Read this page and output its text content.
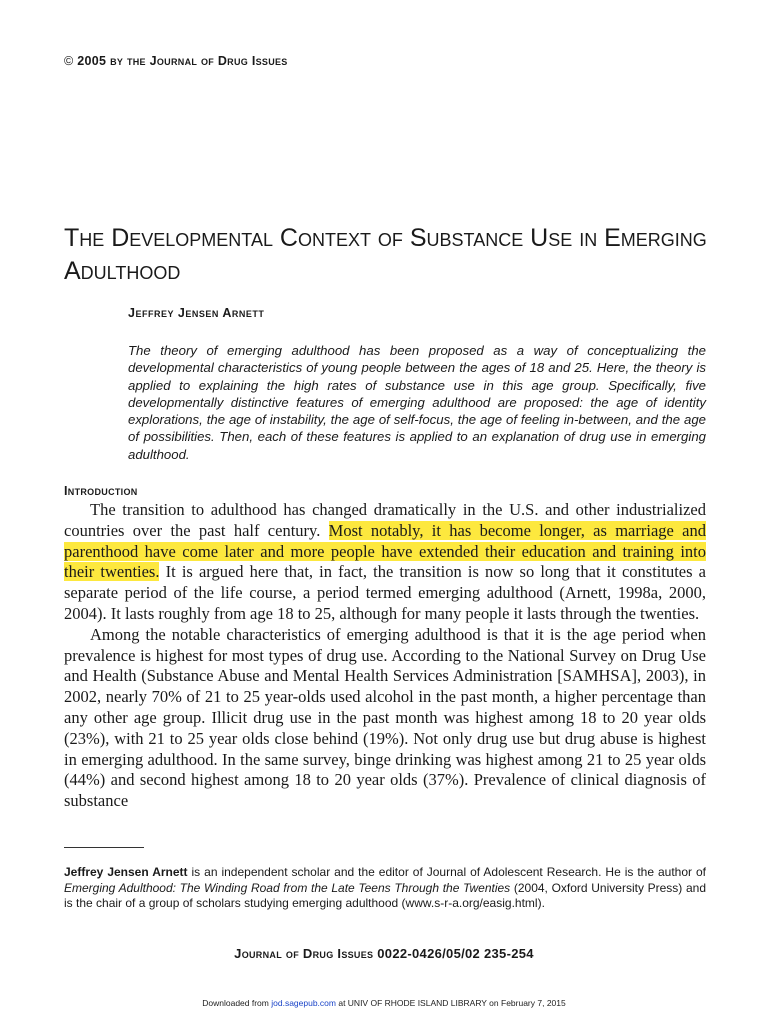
© 2005 by the Journal of Drug Issues
The Developmental Context of Substance Use in Emerging Adulthood
Jeffrey Jensen Arnett

The theory of emerging adulthood has been proposed as a way of conceptualizing the developmental characteristics of young people between the ages of 18 and 25. Here, the theory is applied to explaining the high rates of substance use in this age group. Specifically, five developmentally distinctive features of emerging adulthood are proposed: the age of identity explorations, the age of instability, the age of self-focus, the age of feeling in-between, and the age of possibilities. Then, each of these features is applied to an explanation of drug use in emerging adulthood.

Introduction

The transition to adulthood has changed dramatically in the U.S. and other industrialized countries over the past half century. Most notably, it has become longer, as marriage and parenthood have come later and more people have extended their education and training into their twenties. It is argued here that, in fact, the transition is now so long that it constitutes a separate period of the life course, a period termed emerging adulthood (Arnett, 1998a, 2000, 2004). It lasts roughly from age 18 to 25, although for many people it lasts through the twenties.

Among the notable characteristics of emerging adulthood is that it is the age period when prevalence is highest for most types of drug use. According to the National Survey on Drug Use and Health (Substance Abuse and Mental Health Services Administration [SAMHSA], 2003), in 2002, nearly 70% of 21 to 25 year-olds used alcohol in the past month, a higher percentage than any other age group. Illicit drug use in the past month was highest among 18 to 20 year olds (23%), with 21 to 25 year olds close behind (19%). Not only drug use but drug abuse is highest in emerging adulthood. In the same survey, binge drinking was highest among 21 to 25 year olds (44%) and second highest among 18 to 20 year olds (37%). Prevalence of clinical diagnosis of substance

Jeffrey Jensen Arnett is an independent scholar and the editor of Journal of Adolescent Research. He is the author of Emerging Adulthood: The Winding Road from the Late Teens Through the Twenties (2004, Oxford University Press) and is the chair of a group of scholars studying emerging adulthood (www.s-r-a.org/easig.html).

Journal of Drug Issues 0022-0426/05/02 235-254
Downloaded from jod.sagepub.com at UNIV OF RHODE ISLAND LIBRARY on February 7, 2015
